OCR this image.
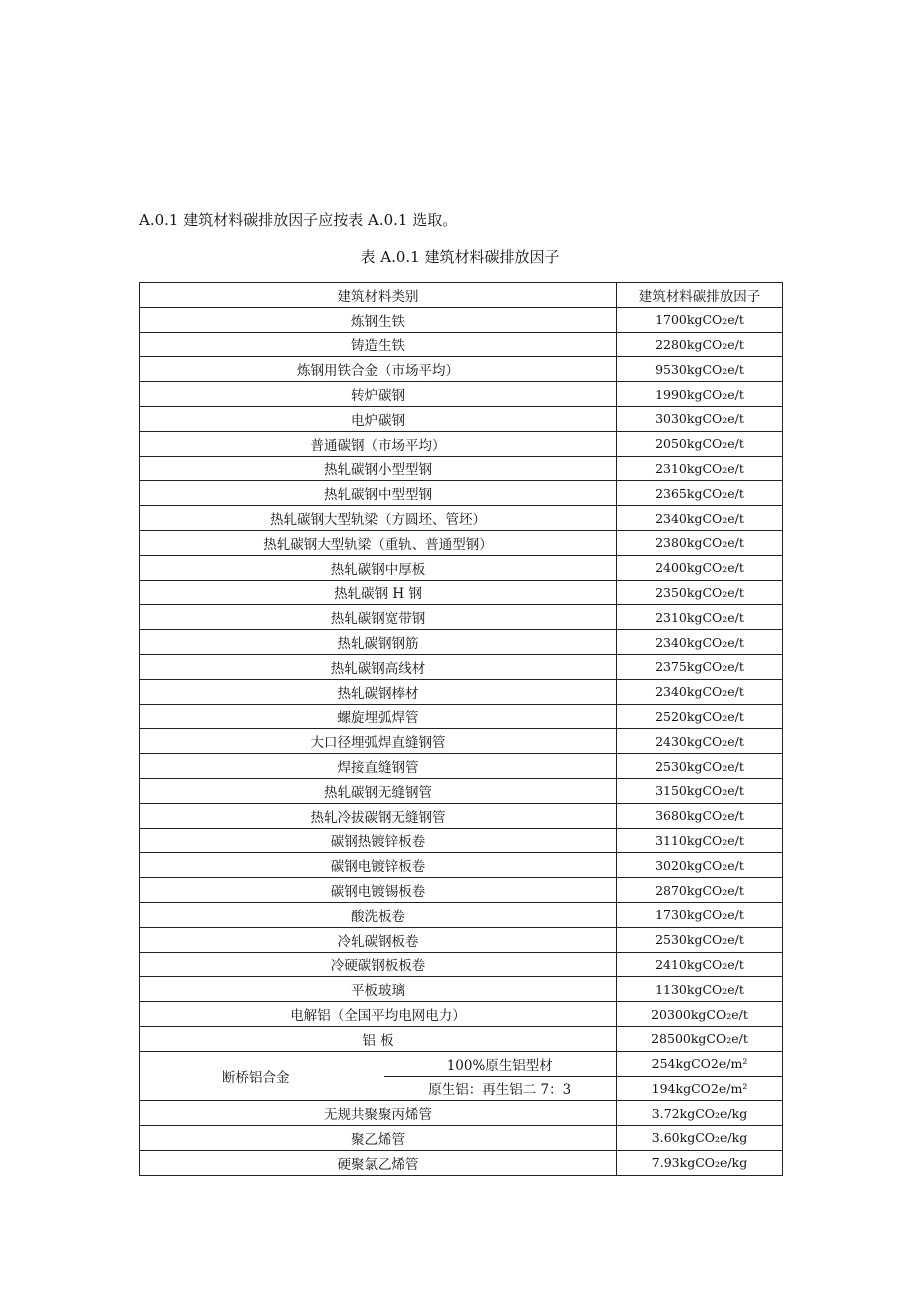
A.0.1 建筑材料碳排放因子应按表 A.0.1 选取。
表 A.0.1 建筑材料碳排放因子
建筑材料类别		建筑材料碳排放因子
炼钢生铁		1700kgCO₂e/t
铸造生铁		2280kgCO₂e/t
炼钢用铁合金（市场平均）		9530kgCO₂e/t
转炉碳钢		1990kgCO₂e/t
电炉碳钢		3030kgCO₂e/t
普通碳钢（市场平均）		2050kgCO₂e/t
热轧碳钢小型型钢		2310kgCO₂e/t
热轧碳钢中型型钢		2365kgCO₂e/t
热轧碳钢大型轨梁（方圆坯、管坯）		2340kgCO₂e/t
热轧碳钢大型轨梁（重轨、普通型钢）		2380kgCO₂e/t
热轧碳钢中厚板		2400kgCO₂e/t
热轧碳钢 H 钢		2350kgCO₂e/t
热轧碳钢宽带钢		2310kgCO₂e/t
热轧碳钢钢筋		2340kgCO₂e/t
热轧碳钢高线材		2375kgCO₂e/t
热轧碳钢棒材		2340kgCO₂e/t
螺旋埋弧焊管		2520kgCO₂e/t
大口径埋弧焊直缝钢管		2430kgCO₂e/t
焊接直缝钢管		2530kgCO₂e/t
热轧碳钢无缝钢管		3150kgCO₂e/t
热轧冷拔碳钢无缝钢管		3680kgCO₂e/t
碳钢热镀锌板卷		3110kgCO₂e/t
碳钢电镀锌板卷		3020kgCO₂e/t
碳钢电镀锡板卷		2870kgCO₂e/t
酸洗板卷		1730kgCO₂e/t
冷轧碳钢板卷		2530kgCO₂e/t
冷硬碳钢板板卷		2410kgCO₂e/t
平板玻璃		1130kgCO₂e/t
电解铝（全国平均电网电力）		20300kgCO₂e/t
铝 板		28500kgCO₂e/t
断桥铝合金	100%原生铝型材	254kgCO2e/m²
	原生铝：再生铝二 7：3	194kgCO2e/m²
无规共聚聚丙烯管		3.72kgCO₂e/kg
聚乙烯管		3.60kgCO₂e/kg
硬聚氯乙烯管		7.93kgCO₂e/kg
